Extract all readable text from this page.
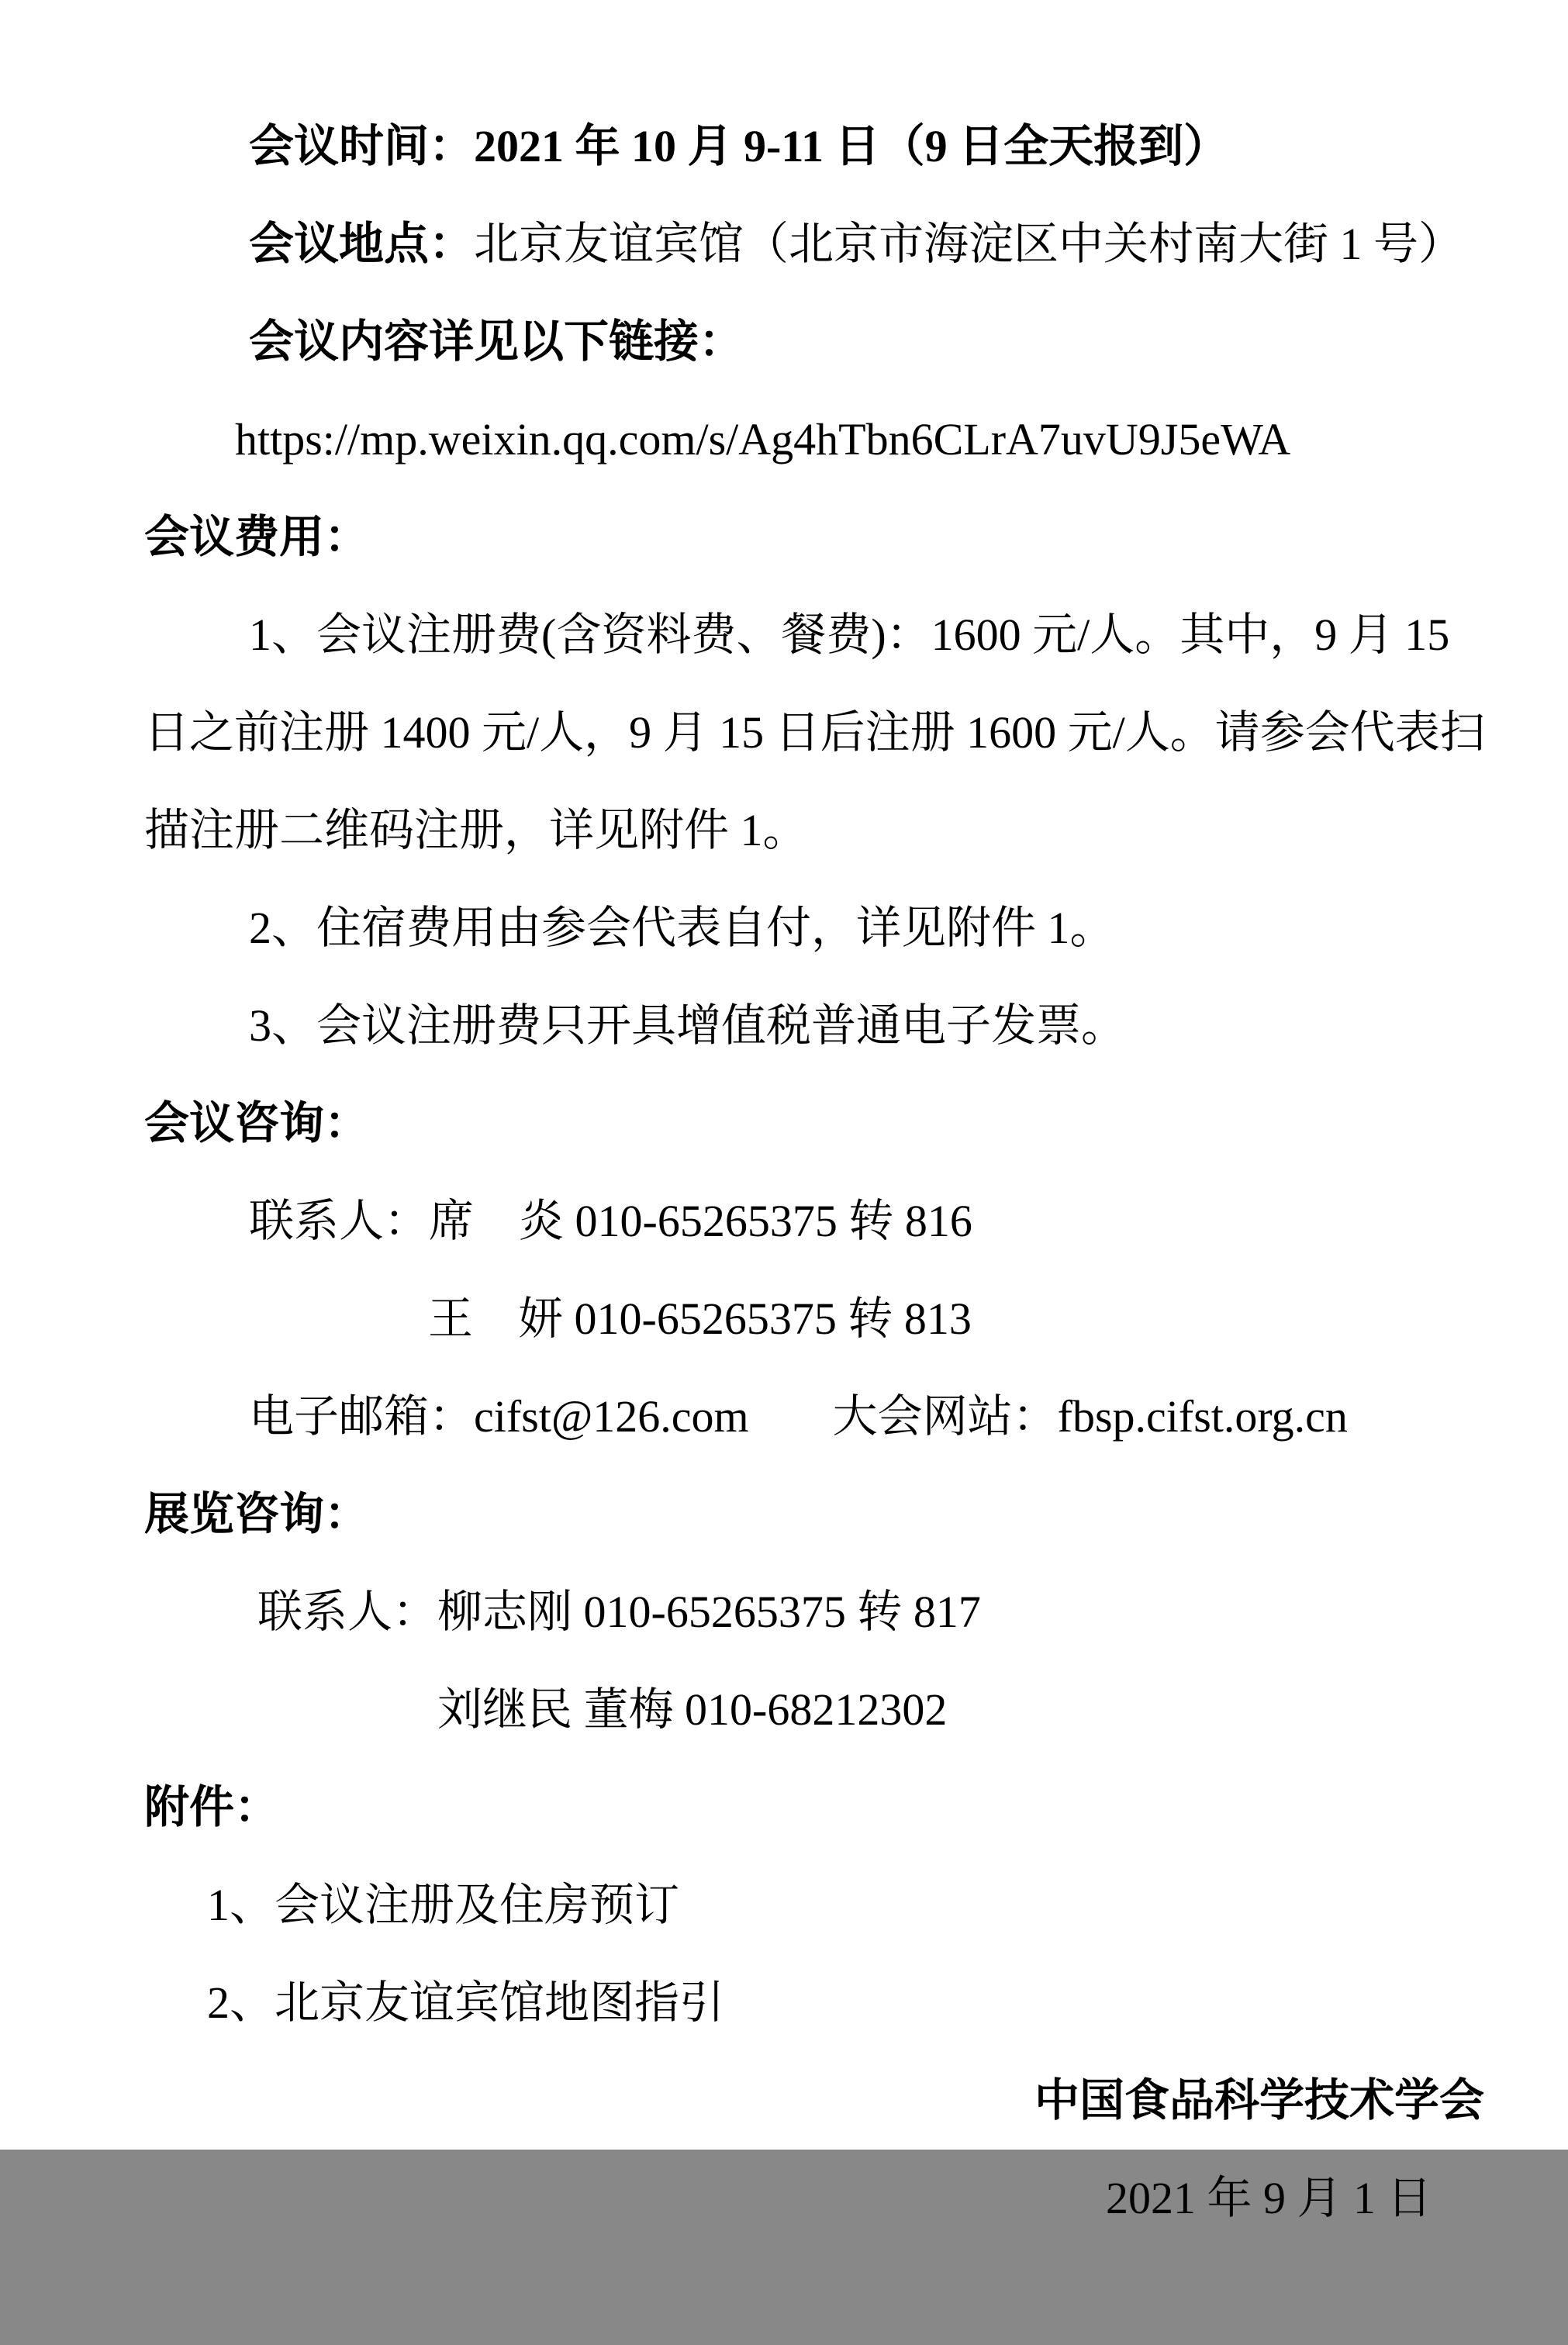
会议时间：2021 年 10 月 9-11 日（9 日全天报到）

会议地点：北京友谊宾馆（北京市海淀区中关村南大街 1 号）

会议内容详见以下链接：

https://mp.weixin.qq.com/s/Ag4hTbn6CLrA7uvU9J5eWA

会议费用：

1、会议注册费(含资料费、餐费)：1600 元/人。其中，9 月 15

日之前注册 1400 元/人，9 月 15 日后注册 1600 元/人。请参会代表扫

描注册二维码注册，详见附件 1。

2、住宿费用由参会代表自付，详见附件 1。

3、会议注册费只开具增值税普通电子发票。

会议咨询：

联系人：席　炎 010-65265375 转 816

王　妍 010-65265375 转 813

电子邮箱：cifst@126.com 大会网站：fbsp.cifst.org.cn

展览咨询：

联系人：柳志刚 010-65265375 转 817

刘继民 董梅 010-68212302

附件：

1、会议注册及住房预订

2、北京友谊宾馆地图指引

中国食品科学技术学会

2021 年 9 月 1 日
